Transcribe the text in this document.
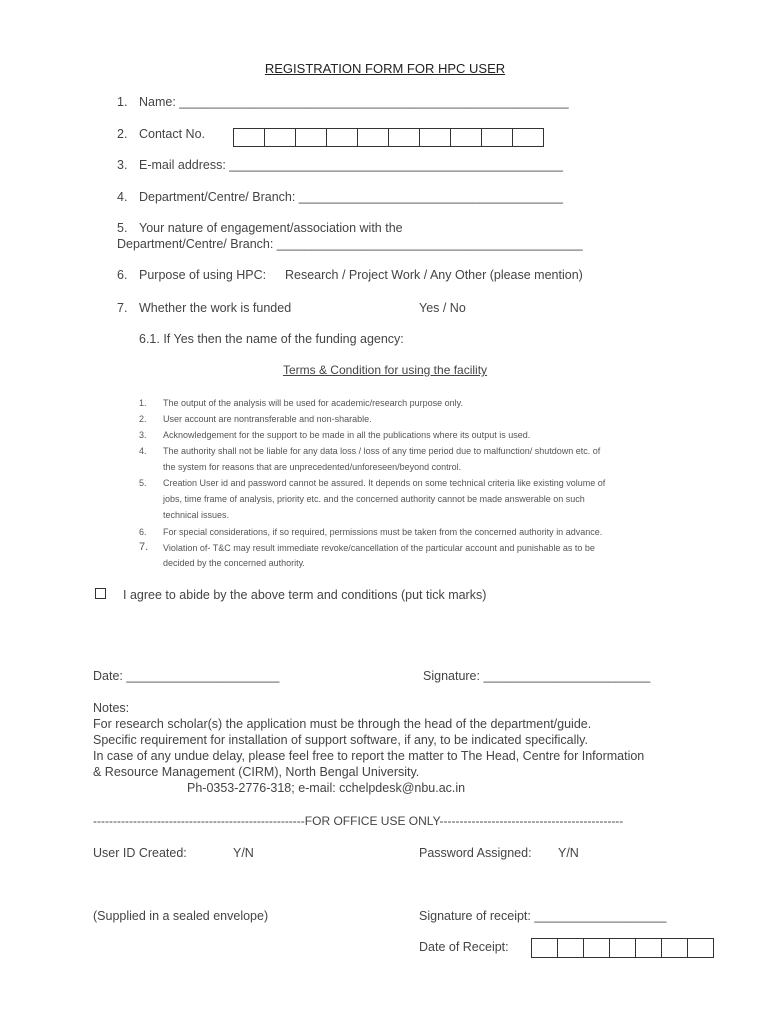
REGISTRATION FORM FOR HPC USER
1. Name: ________________________________________________________
2. Contact No.
3. E-mail address: ________________________________________________
4. Department/Centre/ Branch: ______________________________________
5. Your nature of engagement/association with the
Department/Centre/ Branch: ____________________________________________
6. Purpose of using HPC: Research / Project Work / Any Other (please mention)
7. Whether the work is funded	Yes / No
6.1. If Yes then the name of the funding agency:
Terms & Condition for using the facility
1. The output of the analysis will be used for academic/research purpose only.
2. User account are nontransferable and non-sharable.
3. Acknowledgement for the support to be made in all the publications where its output is used.
4. The authority shall not be liable for any data loss / loss of any time period due to malfunction/ shutdown etc. of
the system for reasons that are unprecedented/unforeseen/beyond control.
5. Creation User id and password cannot be assured. It depends on some technical criteria like existing volume of
jobs, time frame of analysis, priority etc. and the concerned authority cannot be made answerable on such
technical issues.
6. For special considerations, if so required, permissions must be taken from the concerned authority in advance.
7. Violation of- T&C may result immediate revoke/cancellation of the particular account and punishable as to be
decided by the concerned authority.
I agree to abide by the above term and conditions (put tick marks)
Date: ______________________	Signature: ________________________
Notes:
For research scholar(s) the application must be through the head of the department/guide.
Specific requirement for installation of support software, if any, to be indicated specifically.
In case of any undue delay, please feel free to report the matter to The Head, Centre for Information
& Resource Management (CIRM), North Bengal University.
Ph-0353-2776-318; e-mail: cchelpdesk@nbu.ac.in
-----------------------------------------------------FOR OFFICE USE ONLY----------------------------------------------
User ID Created:	Y/N	Password Assigned: Y/N
(Supplied in a sealed envelope)	Signature of receipt: ___________________
Date of Receipt:
